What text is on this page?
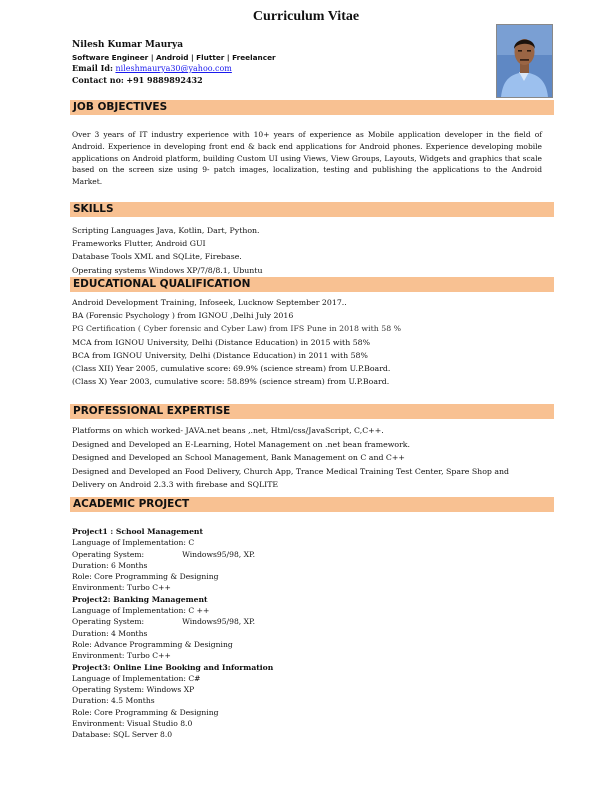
Curriculum Vitae
Nilesh Kumar Maurya
Software Engineer | Android | Flutter | Freelancer
Email Id: nileshmaurya30@yahoo.com
Contact no: +91 9889892432
JOB OBJECTIVES
Over 3 years of IT industry experience with 10+ years of experience as Mobile application developer in the field of Android. Experience in developing front end & back end applications for Android phones. Experience developing mobile applications on Android platform, building Custom UI using Views, View Groups, Layouts, Widgets and graphics that scale based on the screen size using 9- patch images, localization, testing and publishing the applications to the Android Market.
SKILLS
Scripting Languages Java, Kotlin, Dart, Python.
Frameworks Flutter, Android GUI
Database Tools XML and SQLite, Firebase.
Operating systems Windows XP/7/8/8.1, Ubuntu
EDUCATIONAL QUALIFICATION
Android Development Training, Infoseek, Lucknow September 2017..
BA (Forensic Psychology ) from IGNOU ,Delhi July 2016
PG Certification ( Cyber forensic and Cyber Law) from IFS Pune in 2018 with 58 %
MCA from IGNOU University, Delhi (Distance Education) in 2015 with 58%
BCA from IGNOU University, Delhi (Distance Education) in 2011 with 58%
(Class XII) Year 2005, cumulative score: 69.9% (science stream) from U.P.Board.
(Class X) Year 2003, cumulative score: 58.89% (science stream) from U.P.Board.
PROFESSIONAL EXPERTISE
Platforms on which worked- JAVA.net beans ,.net, Html/css/JavaScript, C,C++.
Designed and Developed an E-Learning, Hotel Management on .net bean framework.
Designed and Developed an School Management, Bank Management on C and C++
Designed and Developed an Food Delivery, Church App, Trance Medical Training Test Center, Spare Shop and Delivery on Android 2.3.3 with firebase and SQLITE
ACADEMIC PROJECT
Project1 : School Management
Language of Implementation: C
Operating System:	Windows95/98, XP.
Duration: 6 Months
Role: Core Programming & Designing
Environment: Turbo C++
Project2: Banking Management
Language of Implementation: C ++
Operating System:	Windows95/98, XP.
Duration: 4 Months
Role: Advance Programming & Designing
Environment: Turbo C++
Project3: Online Line Booking and Information
Language of Implementation: C#
Operating System: Windows XP
Duration: 4.5 Months
Role: Core Programming & Designing
Environment: Visual Studio 8.0
Database: SQL Server 8.0
